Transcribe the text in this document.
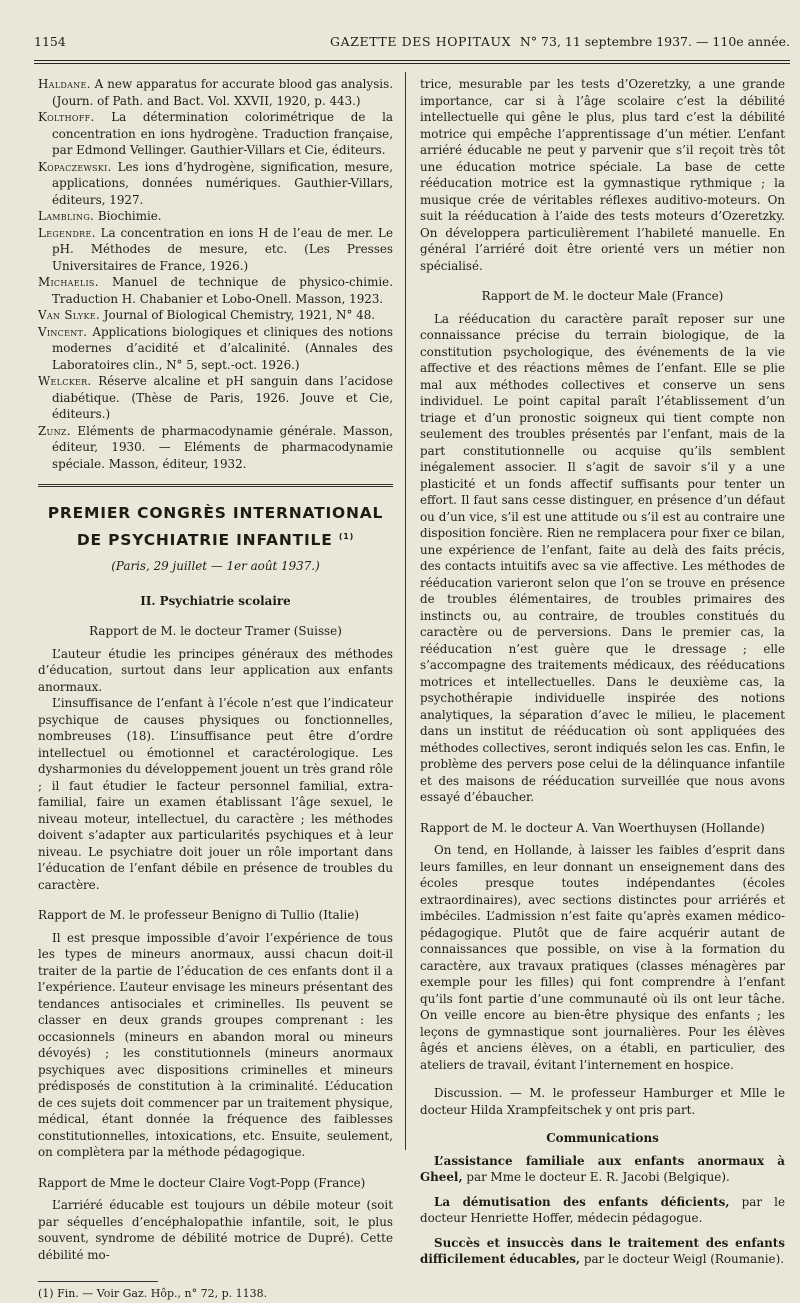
1154	GAZETTE DES HOPITAUX N° 73, 11 septembre 1937. — 110e année.

Haldane. A new apparatus for accurate blood gas analysis. (Journ. of Path. and Bact. Vol. XXVII, 1920, p. 443.)

Kolthoff. La détermination colorimétrique de la concentration en ions hydrogène. Traduction française, par Edmond Vellinger. Gauthier-Villars et Cie, éditeurs.

Kopaczewski. Les ions d’hydrogène, signification, mesure, applications, données numériques. Gauthier-Villars, éditeurs, 1927.

Lambling. Biochimie.

Legendre. La concentration en ions H de l’eau de mer. Le pH. Méthodes de mesure, etc. (Les Presses Universitaires de France, 1926.)

Michaelis. Manuel de technique de physico-chimie. Traduction H. Chabanier et Lobo-Onell. Masson, 1923.

Van Slyke. Journal of Biological Chemistry, 1921, N° 48.

Vincent. Applications biologiques et cliniques des notions modernes d’acidité et d’alcalinité. (Annales des Laboratoires clin., N° 5, sept.-oct. 1926.)

Welcker. Réserve alcaline et pH sanguin dans l’acidose diabétique. (Thèse de Paris, 1926. Jouve et Cie, éditeurs.)

Zunz. Eléments de pharmacodynamie générale. Masson, éditeur, 1930. — Eléments de pharmacodynamie spéciale. Masson, éditeur, 1932.

PREMIER CONGRÈS INTERNATIONAL
DE PSYCHIATRIE INFANTILE $^{(1)}$
(Paris, 29 juillet — 1er août 1937.)
II. Psychiatrie scolaire
Rapport de M. le docteur Tramer (Suisse)

L’auteur étudie les principes généraux des méthodes d’éducation, surtout dans leur application aux enfants anormaux.

L’insuffisance de l’enfant à l’école n’est que l’indicateur psychique de causes physiques ou fonctionnelles, nombreuses (18). L’insuffisance peut être d’ordre intellectuel ou émotionnel et caractérologique. Les dysharmonies du développement jouent un très grand rôle ; il faut étudier le facteur personnel familial, extra-familial, faire un examen établissant l’âge sexuel, le niveau moteur, intellectuel, du caractère ; les méthodes doivent s’adapter aux particularités psychiques et à leur niveau. Le psychiatre doit jouer un rôle important dans l’éducation de l’enfant débile en présence de troubles du caractère.

Rapport de M. le professeur Benigno di Tullio (Italie)

Il est presque impossible d’avoir l’expérience de tous les types de mineurs anormaux, aussi chacun doit-il traiter de la partie de l’éducation de ces enfants dont il a l’expérience. L’auteur envisage les mineurs présentant des tendances antisociales et criminelles. Ils peuvent se classer en deux grands groupes comprenant : les occasionnels (mineurs en abandon moral ou mineurs dévoyés) ; les constitutionnels (mineurs anormaux psychiques avec dispositions criminelles et mineurs prédisposés de constitution à la criminalité. L’éducation de ces sujets doit commencer par un traitement physique, médical, étant donnée la fréquence des faiblesses constitutionnelles, intoxications, etc. Ensuite, seulement, on complètera par la méthode pédagogique.

Rapport de Mme le docteur Claire Vogt-Popp (France)

L’arriéré éducable est toujours un débile moteur (soit par séquelles d’encéphalopathie infantile, soit, le plus souvent, syndrome de débilité motrice de Dupré). Cette débilité mo-

(1) Fin. — Voir Gaz. Hôp., n° 72, p. 1138.

trice, mesurable par les tests d’Ozeretzky, a une grande importance, car si à l’âge scolaire c’est la débilité intellectuelle qui gêne le plus, plus tard c’est la débilité motrice qui empêche l’apprentissage d’un métier. L’enfant arriéré éducable ne peut y parvenir que s’il reçoit très tôt une éducation motrice spéciale. La base de cette rééducation motrice est la gymnastique rythmique ; la musique crée de véritables réflexes auditivo-moteurs. On suit la rééducation à l’aide des tests moteurs d’Ozeretzky. On développera particulièrement l’habileté manuelle. En général l’arriéré doit être orienté vers un métier non spécialisé.

Rapport de M. le docteur Male (France)

La rééducation du caractère paraît reposer sur une connaissance précise du terrain biologique, de la constitution psychologique, des événements de la vie affective et des réactions mêmes de l’enfant. Elle se plie mal aux méthodes collectives et conserve un sens individuel. Le point capital paraît l’établissement d’un triage et d’un pronostic soigneux qui tient compte non seulement des troubles présentés par l’enfant, mais de la part constitutionnelle ou acquise qu’ils semblent inégalement associer. Il s’agit de savoir s’il y a une plasticité et un fonds affectif suffisants pour tenter un effort. Il faut sans cesse distinguer, en présence d’un défaut ou d’un vice, s’il est une attitude ou s’il est au contraire une disposition foncière. Rien ne remplacera pour fixer ce bilan, une expérience de l’enfant, faite au delà des faits précis, des contacts intuitifs avec sa vie affective. Les méthodes de rééducation varieront selon que l’on se trouve en présence de troubles élémentaires, de troubles primaires des instincts ou, au contraire, de troubles constitués du caractère ou de perversions. Dans le premier cas, la rééducation n’est guère que le dressage ; elle s’accompagne des traitements médicaux, des rééducations motrices et intellectuelles. Dans le deuxième cas, la psychothérapie individuelle inspirée des notions analytiques, la séparation d’avec le milieu, le placement dans un institut de rééducation où sont appliquées des méthodes collectives, seront indiqués selon les cas. Enfin, le problème des pervers pose celui de la délinquance infantile et des maisons de rééducation surveillée que nous avons essayé d’ébaucher.

Rapport de M. le docteur A. Van Woerthuysen (Hollande)

On tend, en Hollande, à laisser les faibles d’esprit dans leurs familles, en leur donnant un enseignement dans des écoles presque toutes indépendantes (écoles extraordinaires), avec sections distinctes pour arriérés et imbéciles. L’admission n’est faite qu’après examen médico-pédagogique. Plutôt que de faire acquérir autant de connaissances que possible, on vise à la formation du caractère, aux travaux pratiques (classes ménagères par exemple pour les filles) qui font comprendre à l’enfant qu’ils font partie d’une communauté où ils ont leur tâche. On veille encore au bien-être physique des enfants ; les leçons de gymnastique sont journalières. Pour les élèves âgés et anciens élèves, on a établi, en particulier, des ateliers de travail, évitant l’internement en hospice.

Discussion. — M. le professeur Hamburger et Mlle le docteur Hilda Xrampfeitschek y ont pris part.

Communications

L’assistance familiale aux enfants anormaux à Gheel, par Mme le docteur E. R. Jacobi (Belgique).

La démutisation des enfants déficients, par le docteur Henriette Hoffer, médecin pédagogue.

Succès et insuccès dans le traitement des enfants difficilement éducables, par le docteur Weigl (Roumanie).
